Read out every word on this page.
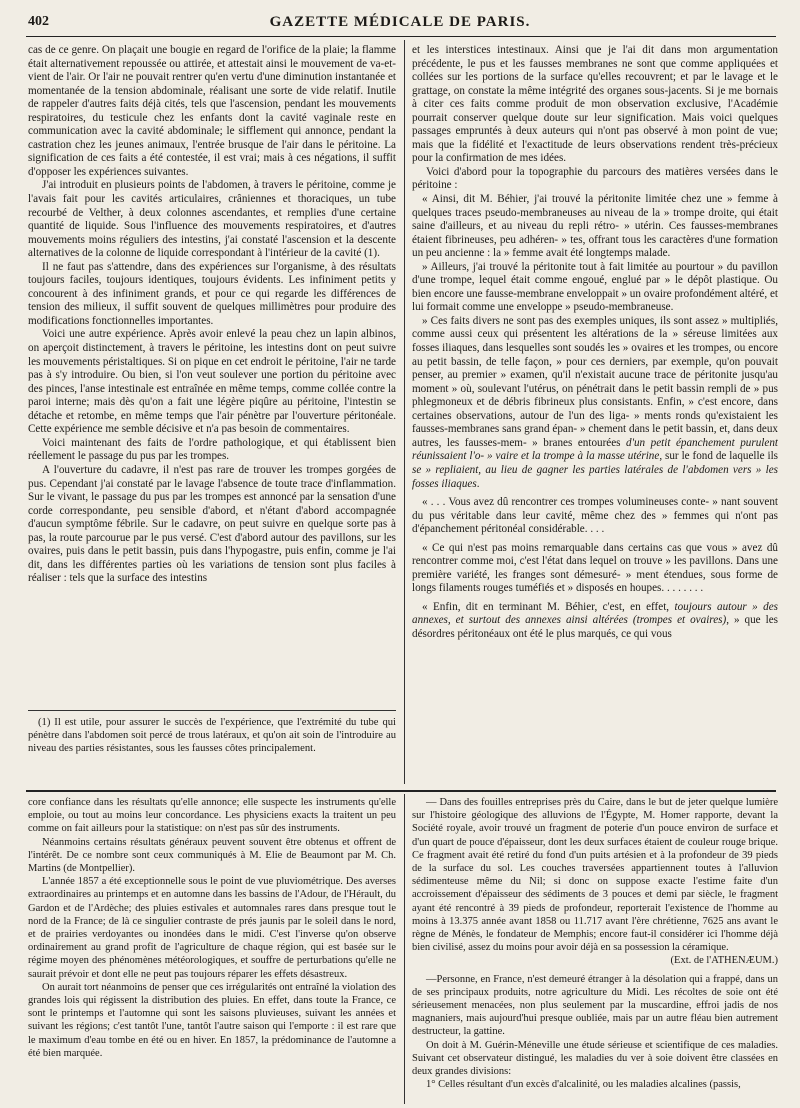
402	GAZETTE MÉDICALE DE PARIS.

cas de ce genre. On plaçait une bougie en regard de l'orifice de la plaie; la flamme était alternativement repoussée ou attirée, et attestait ainsi le mouvement de va-et-vient de l'air. Or l'air ne pouvait rentrer qu'en vertu d'une diminution instantanée et momentanée de la tension abdominale, réalisant une sorte de vide relatif. Inutile de rappeler d'autres faits déjà cités, tels que l'ascension, pendant les mouvements respiratoires, du testicule chez les enfants dont la cavité vaginale reste en communication avec la cavité abdominale; le sifflement qui annonce, pendant la castration chez les jeunes animaux, l'entrée brusque de l'air dans le péritoine. La signification de ces faits a été contestée, il est vrai; mais à ces négations, il suffit d'opposer les expériences suivantes.

J'ai introduit en plusieurs points de l'abdomen, à travers le péritoine, comme je l'avais fait pour les cavités articulaires, crâniennes et thoraciques, un tube recourbé de Velther, à deux colonnes ascendantes, et remplies d'une certaine quantité de liquide. Sous l'influence des mouvements respiratoires, et d'autres mouvements moins réguliers des intestins, j'ai constaté l'ascension et la descente alternatives de la colonne de liquide correspondant à l'intérieur de la cavité (1).

Il ne faut pas s'attendre, dans des expériences sur l'organisme, à des résultats toujours faciles, toujours identiques, toujours évidents. Les infiniment petits y concourent à des infiniment grands, et pour ce qui regarde les différences de tension des milieux, il suffit souvent de quelques millimètres pour produire des modifications fonctionnelles importantes.

Voici une autre expérience. Après avoir enlevé la peau chez un lapin albinos, on aperçoit distinctement, à travers le péritoine, les intestins dont on peut suivre les mouvements péristaltiques. Si on pique en cet endroit le péritoine, l'air ne tarde pas à s'y introduire. Ou bien, si l'on veut soulever une portion du péritoine avec des pinces, l'anse intestinale est entraînée en même temps, comme collée contre la paroi interne; mais dès qu'on a fait une légère piqûre au péritoine, l'intestin se détache et retombe, en même temps que l'air pénètre par l'ouverture péritonéale. Cette expérience me semble décisive et n'a pas besoin de commentaires.

Voici maintenant des faits de l'ordre pathologique, et qui établissent bien réellement le passage du pus par les trompes.

A l'ouverture du cadavre, il n'est pas rare de trouver les trompes gorgées de pus. Cependant j'ai constaté par le lavage l'absence de toute trace d'inflammation. Sur le vivant, le passage du pus par les trompes est annoncé par la sensation d'une corde correspondante, peu sensible d'abord, et n'étant d'abord accompagnée d'aucun symptôme fébrile. Sur le cadavre, on peut suivre en quelque sorte pas à pas, la route parcourue par le pus versé. C'est d'abord autour des pavillons, sur les ovaires, puis dans le petit bassin, puis dans l'hypogastre, puis enfin, comme je l'ai dit, dans les différentes parties où les variations de tension sont plus faciles à réaliser : tels que la surface des intestins

(1) Il est utile, pour assurer le succès de l'expérience, que l'extrémité du tube qui pénètre dans l'abdomen soit percé de trous latéraux, et qu'on ait soin de l'introduire au niveau des parties résistantes, sous les fausses côtes principalement.

et les interstices intestinaux. Ainsi que je l'ai dit dans mon argumentation précédente, le pus et les fausses membranes ne sont que comme appliquées et collées sur les portions de la surface qu'elles recouvrent; et par le lavage et le grattage, on constate la même intégrité des organes sous-jacents. Si je me bornais à citer ces faits comme produit de mon observation exclusive, l'Académie pourrait conserver quelque doute sur leur signification. Mais voici quelques passages empruntés à deux auteurs qui n'ont pas observé à mon point de vue; mais que la fidélité et l'exactitude de leurs observations rendent très-précieux pour la confirmation de mes idées.

Voici d'abord pour la topographie du parcours des matières versées dans le péritoine :

« Ainsi, dit M. Béhier, j'ai trouvé la péritonite limitée chez une » femme à quelques traces pseudo-membraneuses au niveau de la » trompe droite, qui était saine d'ailleurs, et au niveau du repli rétro- » utérin. Ces fausses-membranes étaient fibrineuses, peu adhéren- » tes, offrant tous les caractères d'une formation un peu ancienne : la » femme avait été longtemps malade.

» Ailleurs, j'ai trouvé la péritonite tout à fait limitée au pourtour » du pavillon d'une trompe, lequel était comme engoué, englué par » le dépôt plastique. Ou bien encore une fausse-membrane enveloppait » un ovaire profondément altéré, et lui formait comme une enveloppe » pseudo-membraneuse.

» Ces faits divers ne sont pas des exemples uniques, ils sont assez » multipliés, comme aussi ceux qui présentent les altérations de la » séreuse limitées aux fosses iliaques, dans lesquelles sont soudés les » ovaires et les trompes, ou encore au petit bassin, de telle façon, » pour ces derniers, par exemple, qu'on pouvait penser, au premier » examen, qu'il n'existait aucune trace de péritonite jusqu'au moment » où, soulevant l'utérus, on pénétrait dans le petit bassin rempli de » pus phlegmoneux et de débris fibrineux plus consistants. Enfin, » c'est encore, dans certaines observations, autour de l'un des liga- » ments ronds qu'existaient les fausses-membranes sans grand épan- » chement dans le petit bassin, et, dans deux autres, les fausses-mem- » branes entourées d'un petit épanchement purulent réunissaient l'o- » vaire et la trompe à la masse utérine, sur le fond de laquelle ils se » repliaient, au lieu de gagner les parties latérales de l'abdomen vers » les fosses iliaques.

« . . . Vous avez dû rencontrer ces trompes volumineuses conte- » nant souvent du pus véritable dans leur cavité, même chez des » femmes qui n'ont pas d'épanchement péritonéal considérable. . . .

« Ce qui n'est pas moins remarquable dans certains cas que vous » avez dû rencontrer comme moi, c'est l'état dans lequel on trouve » les pavillons. Dans une première variété, les franges sont démesuré- » ment étendues, sous forme de longs filaments rouges tuméfiés et » disposés en houpes. . . . . . . .

« Enfin, dit en terminant M. Béhier, c'est, en effet, toujours autour » des annexes, et surtout des annexes ainsi altérées (trompes et ovaires), » que les désordres péritonéaux ont été le plus marqués, ce qui vous

core confiance dans les résultats qu'elle annonce; elle suspecte les instruments qu'elle emploie, ou tout au moins leur concordance. Les physiciens exacts la traitent un peu comme on fait ailleurs pour la statistique: on n'est pas sûr des instruments.

Néanmoins certains résultats généraux peuvent souvent être obtenus et offrent de l'intérêt. De ce nombre sont ceux communiqués à M. Elie de Beaumont par M. Ch. Martins (de Montpellier).

L'année 1857 a été exceptionnelle sous le point de vue pluviométrique. Des averses extraordinaires au printemps et en automne dans les bassins de l'Adour, de l'Hérault, du Gardon et de l'Ardèche; des pluies estivales et automnales rares dans presque tout le nord de la France; de là ce singulier contraste de prés jaunis par le soleil dans le nord, et de prairies verdoyantes ou inondées dans le midi. C'est l'inverse qu'on observe ordinairement au grand profit de l'agriculture de chaque région, qui est basée sur le régime moyen des phénomènes météorologiques, et souffre de perturbations qu'elle ne saurait prévoir et dont elle ne peut pas toujours réparer les effets désastreux.

On aurait tort néanmoins de penser que ces irrégularités ont entraîné la violation des grandes lois qui régissent la distribution des pluies. En effet, dans toute la France, ce sont le printemps et l'automne qui sont les saisons pluvieuses, suivant les années et suivant les régions; c'est tantôt l'une, tantôt l'autre saison qui l'emporte : il est rare que le maximum d'eau tombe en été ou en hiver. En 1857, la prédominance de l'automne a été bien marquée.

— Dans des fouilles entreprises près du Caire, dans le but de jeter quelque lumière sur l'histoire géologique des alluvions de l'Égypte, M. Homer rapporte, devant la Société royale, avoir trouvé un fragment de poterie d'un pouce environ de surface et d'un quart de pouce d'épaisseur, dont les deux surfaces étaient de couleur rouge brique. Ce fragment avait été retiré du fond d'un puits artésien et à la profondeur de 39 pieds de la surface du sol. Les couches traversées appartiennent toutes à l'alluvion sédimenteuse même du Nil; si donc on suppose exacte l'estime faite d'un accroissement d'épaisseur des sédiments de 3 pouces et demi par siècle, le fragment ayant été rencontré à 39 pieds de profondeur, reporterait l'existence de l'homme au moins à 13.375 année avant 1858 ou 11.717 avant l'ère chrétienne, 7625 ans avant le règne de Ménès, le fondateur de Memphis; encore faut-il considérer ici l'homme déjà bien civilisé, assez du moins pour avoir déjà en sa possession la céramique.

(Ext. de l'ATHENÆUM.)

—Personne, en France, n'est demeuré étranger à la désolation qui a frappé, dans un de ses principaux produits, notre agriculture du Midi. Les récoltes de soie ont été sérieusement menacées, non plus seulement par la muscardine, effroi jadis de nos magnaniers, mais aujourd'hui presque oubliée, mais par un autre fléau bien autrement destructeur, la gattine.

On doit à M. Guérin-Méneville une étude sérieuse et scientifique de ces maladies. Suivant cet observateur distingué, les maladies du ver à soie doivent être classées en deux grandes divisions:

1° Celles résultant d'un excès d'alcalinité, ou les maladies alcalines (passis,
